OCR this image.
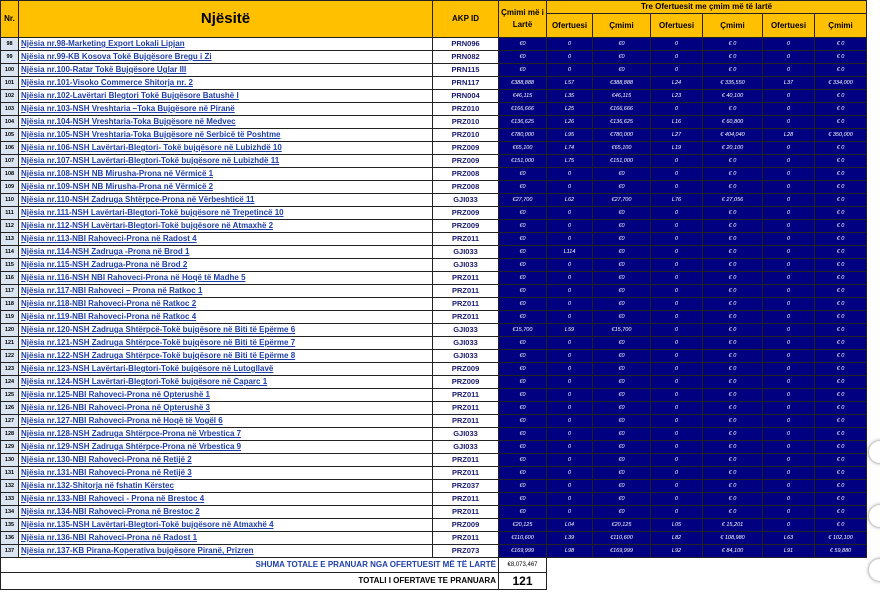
Nr.	Njësitë	AKP ID	Çmimi më i Lartë	Tre Ofertuesit me çmim më të lartë					
				Ofertuesi	Çmimi	Ofertuesi	Çmimi	Ofertuesi	Çmimi

98	Njësia nr.98-Marketing Export Lokali Lipjan	PRN096	€0	0	€0	0	€ 0	0	€ 0
99	Njësia nr.99-KB Kosova Tokë Bujqësore Bregu i Zi	PRN082	€0	0	€0	0	€ 0	0	€ 0
100	Njësia nr.100-Ratar Tokë Bujqësore Uglar III	PRN115	€0	0	€0	0	€ 0	0	€ 0
101	Njësia nr.101-Visoko Commerce Shitorja nr. 2	PRN117	€388,888	L57	€388,888	L24	€ 335,550	L37	€ 334,000
102	Njësia nr.102-Lavërtari Blegtori Tokë Bujqësore Batushë I	PRN004	€46,115	L35	€46,115	L23	€ 40,100	0	€ 0
103	Njësia nr.103-NSH Vreshtaria –Toka Bujqësore në Piranë	PRZ010	€166,666	L25	€166,666	0	€ 0	0	€ 0
104	Njësia nr.104-NSH Vreshtaria-Toka Bujqësore në Medvec	PRZ010	€136,625	L26	€136,625	L16	€ 60,800	0	€ 0
105	Njësia nr.105-NSH Vreshtaria-Toka Bujqësore në Serbicë të Poshtme	PRZ010	€780,000	L95	€780,000	L27	€ 404,040	L28	€ 350,000
106	Njësia nr.106-NSH Lavërtari-Blegtori- Tokë bujqësore në Lubizhdë 10	PRZ009	€65,100	L74	€65,100	L19	€ 20,100	0	€ 0
107	Njësia nr.107-NSH Lavërtari-Blegtori-Tokë bujqësore në Lubizhdë 11	PRZ009	€151,000	L75	€151,000	0	€ 0	0	€ 0
108	Njësia nr.108-NSH NB Mirusha-Prona në Vërmicë 1	PRZ008	€0	0	€0	0	€ 0	0	€ 0
109	Njësia nr.109-NSH NB Mirusha-Prona në Vërmicë 2	PRZ008	€0	0	€0	0	€ 0	0	€ 0
110	Njësia nr.110-NSH Zadruga Shtërpce-Prona në Vërbeshticë 11	GJI033	€27,700	L62	€27,700	L76	€ 27,056	0	€ 0
111	Njësia nr.111-NSH Lavërtari-Blegtori-Tokë bujqësore në Trepetincë 10	PRZ009	€0	0	€0	0	€ 0	0	€ 0
112	Njësia nr.112-NSH Lavërtari-Blegtori-Tokë bujqësore në Atmaxhë 2	PRZ009	€0	0	€0	0	€ 0	0	€ 0
113	Njësia nr.113-NBI Rahoveci-Prona në Radost 4	PRZ011	€0	0	€0	0	€ 0	0	€ 0
114	Njësia nr.114-NSH Zadruga -Prona në Brod 1	GJI033	€0	L114	€0	0	€ 0	0	€ 0
115	Njësia nr.115-NSH Zadruga-Prona në Brod 2	GJI033	€0	0	€0	0	€ 0	0	€ 0
116	Njësia nr.116-NSH NBI Rahoveci-Prona në Hoqë të Madhe 5	PRZ011	€0	0	€0	0	€ 0	0	€ 0
117	Njësia nr.117-NBI Rahoveci – Prona në Ratkoc 1	PRZ011	€0	0	€0	0	€ 0	0	€ 0
118	Njësia nr.118-NBI Rahoveci-Prona në Ratkoc 2	PRZ011	€0	0	€0	0	€ 0	0	€ 0
119	Njësia nr.119-NBI Rahoveci-Prona në Ratkoc 4	PRZ011	€0	0	€0	0	€ 0	0	€ 0
120	Njësia nr.120-NSH Zadruga Shtërpcë-Tokë bujqësore në Biti të Epërme 6	GJI033	€15,700	L59	€15,700	0	€ 0	0	€ 0
121	Njësia nr.121-NSH Zadruga Shtërpce-Tokë bujqësore në Biti të Epërme 7	GJI033	€0	0	€0	0	€ 0	0	€ 0
122	Njësia nr.122-NSH Zadruga Shtërpce-Tokë bujqësore në Biti të Epërme 8	GJI033	€0	0	€0	0	€ 0	0	€ 0
123	Njësia nr.123-NSH Lavërtari-Blegtori-Tokë bujqësore në Lutogllavë	PRZ009	€0	0	€0	0	€ 0	0	€ 0
124	Njësia nr.124-NSH Lavërtari-Blegtori-Tokë bujqësore në Caparc 1	PRZ009	€0	0	€0	0	€ 0	0	€ 0
125	Njësia nr.125-NBI Rahoveci-Prona në Opterushë 1	PRZ011	€0	0	€0	0	€ 0	0	€ 0
126	Njësia nr.126-NBI Rahoveci-Prona në Opterushë 3	PRZ011	€0	0	€0	0	€ 0	0	€ 0
127	Njësia nr.127-NBI Rahoveci-Prona në Hoqë të Vogël 6	PRZ011	€0	0	€0	0	€ 0	0	€ 0
128	Njësia nr.128-NSH Zadruga Shtërpce-Prona në Vrbestica 7	GJI033	€0	0	€0	0	€ 0	0	€ 0
129	Njësia nr.129-NSH Zadruga Shtërpce-Prona në Vrbestica 9	GJI033	€0	0	€0	0	€ 0	0	€ 0
130	Njësia nr.130-NBI Rahoveci-Prona në Retijë 2	PRZ011	€0	0	€0	0	€ 0	0	€ 0
131	Njësia nr.131-NBI Rahoveci-Prona në Retijë 3	PRZ011	€0	0	€0	0	€ 0	0	€ 0
132	Njësia nr.132-Shitorja në fshatin Kërstec	PRZ037	€0	0	€0	0	€ 0	0	€ 0
133	Njësia nr.133-NBI Rahoveci - Prona në Brestoc 4	PRZ011	€0	0	€0	0	€ 0	0	€ 0
134	Njësia nr.134-NBI Rahoveci-Prona në Brestoc 2	PRZ011	€0	0	€0	0	€ 0	0	€ 0
135	Njësia nr.135-NSH Lavërtari-Blegtori-Tokë bujqësore në Atmaxhë 4	PRZ009	€20,125	L04	€20,125	L05	€ 15,201	0	€ 0
136	Njësia nr.136-NBI Rahoveci-Prona në Radost 1	PRZ011	€110,600	L39	€110,600	L82	€ 108,980	L63	€ 102,100
137	Njësia nr.137-KB Pirana-Koperativa bujqësore Piranë, Prizren	PRZ073	€169,999	L98	€169,999	L92	€ 84,100	L91	€ 59,880
SHUMA TOTALE E PRANUAR NGA OFERTUESIT MË TË LARTË			€8,073,467						
TOTALI I OFERTAVE TE PRANUARA			121						
